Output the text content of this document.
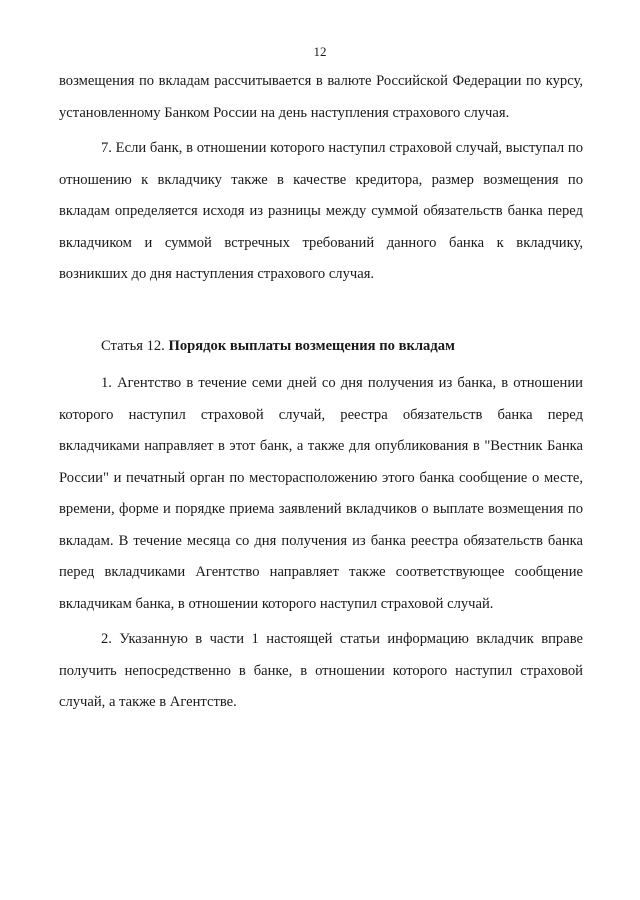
12

возмещения по вкладам рассчитывается в валюте Российской Федерации по курсу, установленному Банком России на день наступления страхового случая.

7. Если банк, в отношении которого наступил страховой случай, выступал по отношению к вкладчику также в качестве кредитора, размер возмещения по вкладам определяется исходя из разницы между суммой обязательств банка перед вкладчиком и суммой встречных требований данного банка к вкладчику, возникших до дня наступления страхового случая.

Статья 12. Порядок выплаты возмещения по вкладам

1. Агентство в течение семи дней со дня получения из банка, в отношении которого наступил страховой случай, реестра обязательств банка перед вкладчиками направляет в этот банк, а также для опубликования в "Вестник Банка России" и печатный орган по месторасположению этого банка сообщение о месте, времени, форме и порядке приема заявлений вкладчиков о выплате возмещения по вкладам. В течение месяца со дня получения из банка реестра обязательств банка перед вкладчиками Агентство направляет также соответствующее сообщение вкладчикам банка, в отношении которого наступил страховой случай.

2. Указанную в части 1 настоящей статьи информацию вкладчик вправе получить непосредственно в банке, в отношении которого наступил страховой случай, а также в Агентстве.
